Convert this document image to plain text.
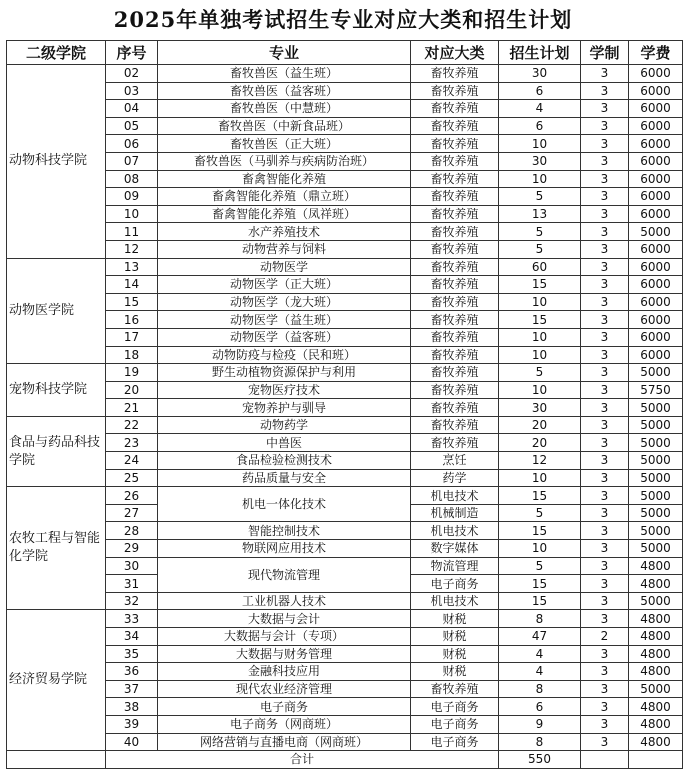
2025年单独考试招生专业对应大类和招生计划
二级学院	序号	专业	对应大类	招生计划	学制	学费
动物科技学院	02	畜牧兽医（益生班）	畜牧养殖	30	3	6000
	03	畜牧兽医（益客班）	畜牧养殖	6	3	6000
	04	畜牧兽医（中慧班）	畜牧养殖	4	3	6000
	05	畜牧兽医（中新食品班）	畜牧养殖	6	3	6000
	06	畜牧兽医（正大班）	畜牧养殖	10	3	6000
	07	畜牧兽医（马驯养与疾病防治班）	畜牧养殖	30	3	6000
	08	畜禽智能化养殖	畜牧养殖	10	3	6000
	09	畜禽智能化养殖（鼎立班）	畜牧养殖	5	3	6000
	10	畜禽智能化养殖（凤祥班）	畜牧养殖	13	3	6000
	11	水产养殖技术	畜牧养殖	5	3	5000
	12	动物营养与饲料	畜牧养殖	5	3	6000
动物医学院	13	动物医学	畜牧养殖	60	3	6000
	14	动物医学（正大班）	畜牧养殖	15	3	6000
	15	动物医学（龙大班）	畜牧养殖	10	3	6000
	16	动物医学（益生班）	畜牧养殖	15	3	6000
	17	动物医学（益客班）	畜牧养殖	10	3	6000
	18	动物防疫与检疫（民和班）	畜牧养殖	10	3	6000
宠物科技学院	19	野生动植物资源保护与利用	畜牧养殖	5	3	5000
	20	宠物医疗技术	畜牧养殖	10	3	5750
	21	宠物养护与驯导	畜牧养殖	30	3	5000
食品与药品科技学院	22	动物药学	畜牧养殖	20	3	5000
	23	中兽医	畜牧养殖	20	3	5000
	24	食品检验检测技术	烹饪	12	3	5000
	25	药品质量与安全	药学	10	3	5000
农牧工程与智能化学院	26	机电一体化技术	机电技术	15	3	5000
	27		机械制造	5	3	5000
	28	智能控制技术	机电技术	15	3	5000
	29	物联网应用技术	数字媒体	10	3	5000
	30	现代物流管理	物流管理	5	3	4800
	31		电子商务	15	3	4800
	32	工业机器人技术	机电技术	15	3	5000
经济贸易学院	33	大数据与会计	财税	8	3	4800
	34	大数据与会计（专项）	财税	47	2	4800
	35	大数据与财务管理	财税	4	3	4800
	36	金融科技应用	财税	4	3	4800
	37	现代农业经济管理	畜牧养殖	8	3	5000
	38	电子商务	电子商务	6	3	4800
	39	电子商务（网商班）	电子商务	9	3	4800
	40	网络营销与直播电商（网商班）	电子商务	8	3	4800
	合计			550		
